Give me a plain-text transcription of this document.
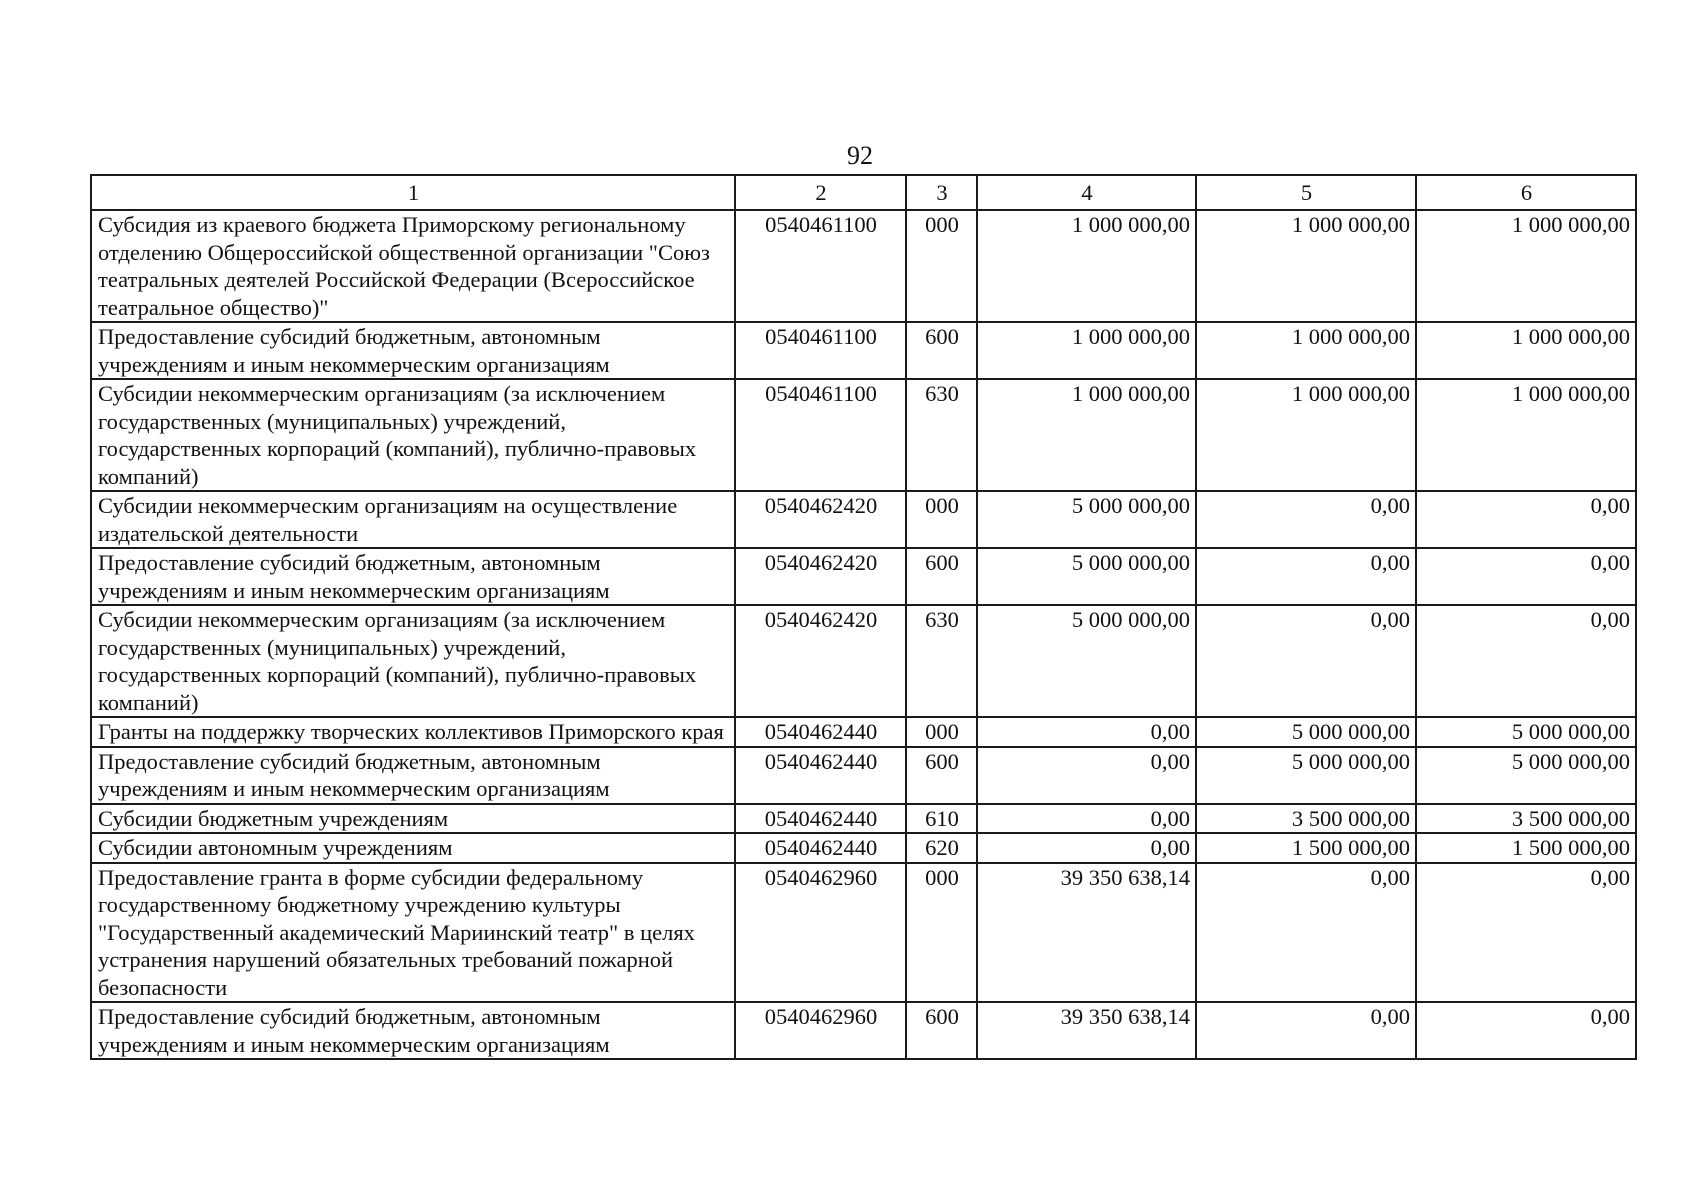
92
1	2	3	4	5	6
Субсидия из краевого бюджета Приморскому региональному отделению Общероссийской общественной организации "Союз театральных деятелей Российской Федерации (Всероссийское театральное общество)"	0540461100	000	1 000 000,00	1 000 000,00	1 000 000,00
Предоставление субсидий бюджетным, автономным учреждениям и иным некоммерческим организациям	0540461100	600	1 000 000,00	1 000 000,00	1 000 000,00
Субсидии некоммерческим организациям (за исключением государственных (муниципальных) учреждений, государственных корпораций (компаний), публично-правовых компаний)	0540461100	630	1 000 000,00	1 000 000,00	1 000 000,00
Субсидии некоммерческим организациям на осуществление издательской деятельности	0540462420	000	5 000 000,00	0,00	0,00
Предоставление субсидий бюджетным, автономным учреждениям и иным некоммерческим организациям	0540462420	600	5 000 000,00	0,00	0,00
Субсидии некоммерческим организациям (за исключением государственных (муниципальных) учреждений, государственных корпораций (компаний), публично-правовых компаний)	0540462420	630	5 000 000,00	0,00	0,00
Гранты на поддержку творческих коллективов Приморского края	0540462440	000	0,00	5 000 000,00	5 000 000,00
Предоставление субсидий бюджетным, автономным учреждениям и иным некоммерческим организациям	0540462440	600	0,00	5 000 000,00	5 000 000,00
Субсидии бюджетным учреждениям	0540462440	610	0,00	3 500 000,00	3 500 000,00
Субсидии автономным учреждениям	0540462440	620	0,00	1 500 000,00	1 500 000,00
Предоставление гранта в форме субсидии федеральному государственному бюджетному учреждению культуры "Государственный академический Мариинский театр" в целях устранения нарушений обязательных требований пожарной безопасности	0540462960	000	39 350 638,14	0,00	0,00
Предоставление субсидий бюджетным, автономным учреждениям и иным некоммерческим организациям	0540462960	600	39 350 638,14	0,00	0,00
